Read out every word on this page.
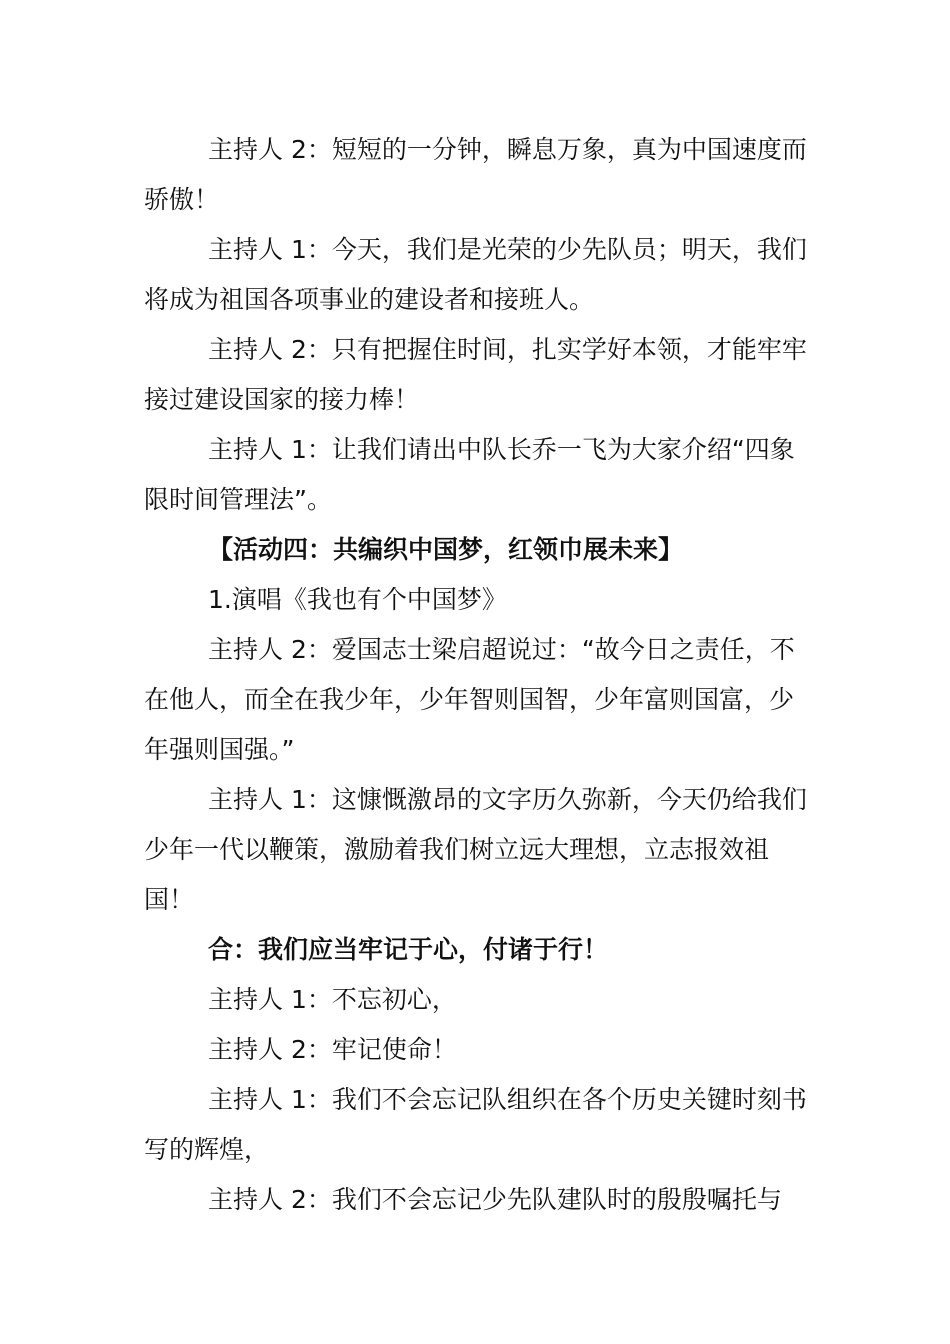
主持人 2：短短的一分钟，瞬息万象，真为中国速度而骄傲！

主持人 1：今天，我们是光荣的少先队员；明天，我们将成为祖国各项事业的建设者和接班人。

主持人 2：只有把握住时间，扎实学好本领，才能牢牢接过建设国家的接力棒！

主持人 1：让我们请出中队长乔一飞为大家介绍“四象限时间管理法”。

【活动四：共编织中国梦，红领巾展未来】

1.演唱《我也有个中国梦》

主持人 2：爱国志士梁启超说过：“故今日之责任，不在他人，而全在我少年，少年智则国智，少年富则国富，少年强则国强。”

主持人 1：这慷慨激昂的文字历久弥新，今天仍给我们少年一代以鞭策，激励着我们树立远大理想，立志报效祖国！

合：我们应当牢记于心，付诸于行！

主持人 1：不忘初心，

主持人 2：牢记使命！

主持人 1：我们不会忘记队组织在各个历史关键时刻书写的辉煌，

主持人 2：我们不会忘记少先队建队时的殷殷嘱托与
